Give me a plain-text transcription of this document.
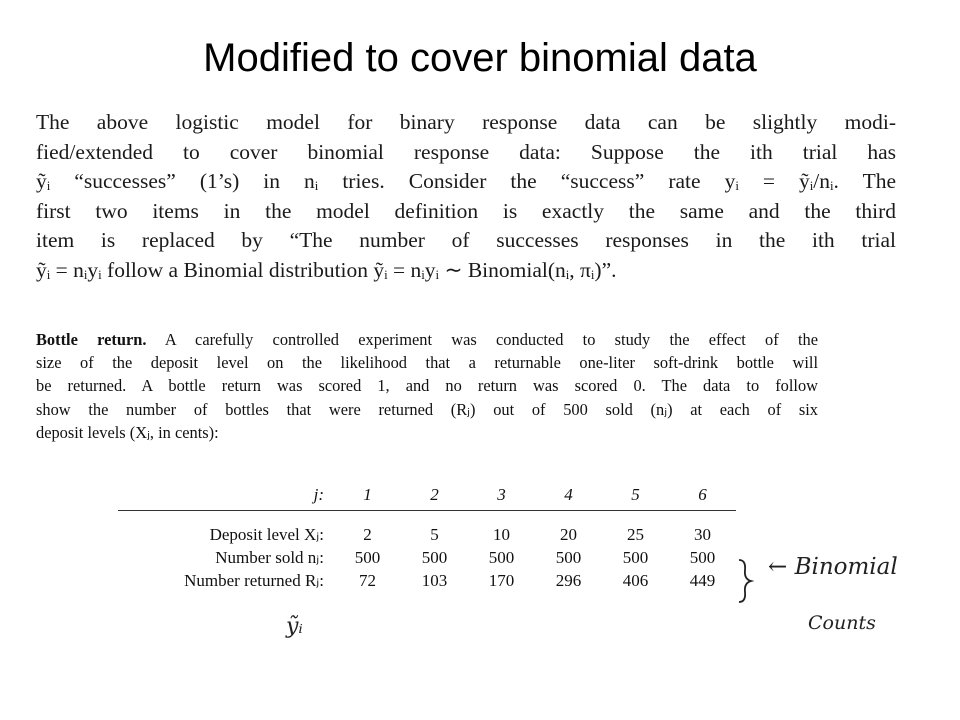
Modified to cover binomial data
The above logistic model for binary response data can be slightly modi-
fied/extended to cover binomial response data: Suppose the ith trial has
ỹᵢ “successes” (1’s) in nᵢ tries. Consider the “success” rate yᵢ = ỹᵢ/nᵢ. The
first two items in the model definition is exactly the same and the third
item is replaced by “The number of successes responses in the ith trial
ỹᵢ = nᵢyᵢ follow a Binomial distribution ỹᵢ = nᵢyᵢ ∼ Binomial(nᵢ, πᵢ)”.
Bottle return. A carefully controlled experiment was conducted to study the effect of the
size of the deposit level on the likelihood that a returnable one-liter soft-drink bottle will
be returned. A bottle return was scored 1, and no return was scored 0. The data to follow
show the number of bottles that were returned (Rⱼ) out of 500 sold (nⱼ) at each of six
deposit levels (Xⱼ, in cents):
j:	1	2	3	4	5	6

Deposit level Xⱼ:	2	5	10	20	25	30
Number sold nⱼ:	500	500	500	500	500	500
Number returned Rⱼ:	72	103	170	296	406	449 ← Binomial
Counts
ỹᵢ
